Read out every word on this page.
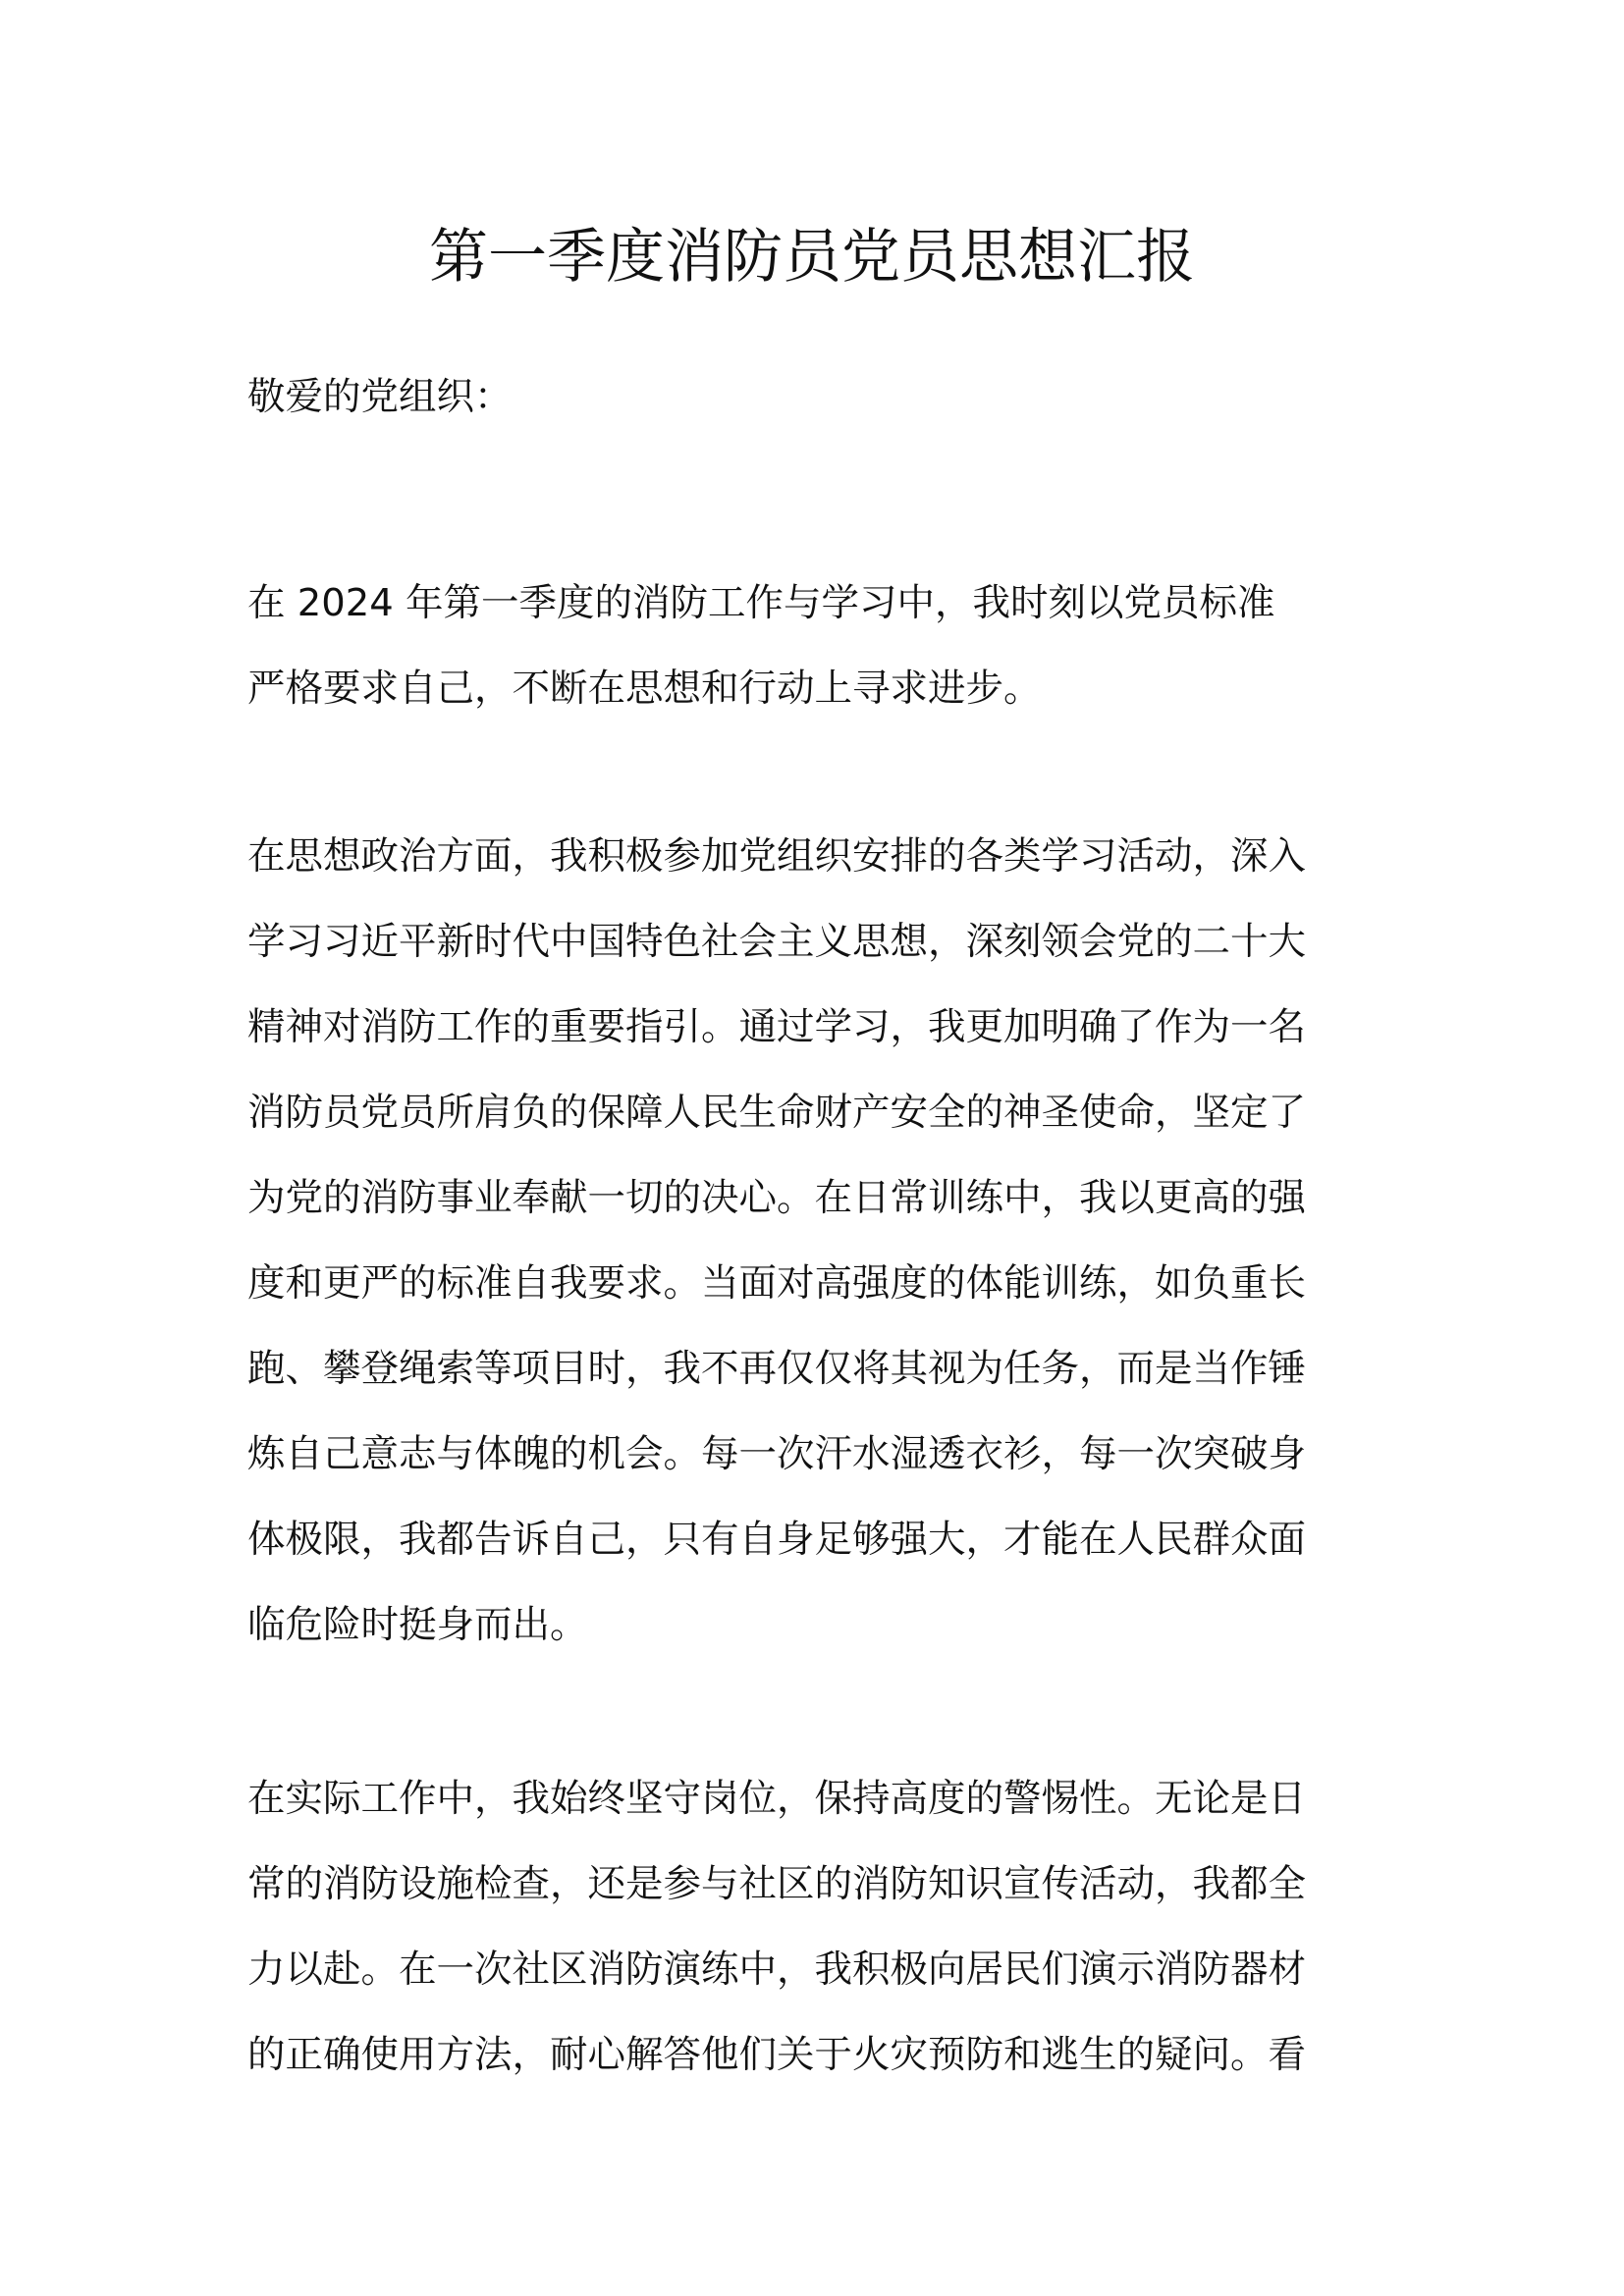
第一季度消防员党员思想汇报
敬爱的党组织：
在 2024 年第一季度的消防工作与学习中，我时刻以党员标准
严格要求自己，不断在思想和行动上寻求进步。
在思想政治方面，我积极参加党组织安排的各类学习活动，深入
学习习近平新时代中国特色社会主义思想，深刻领会党的二十大
精神对消防工作的重要指引。通过学习，我更加明确了作为一名
消防员党员所肩负的保障人民生命财产安全的神圣使命，坚定了
为党的消防事业奉献一切的决心。在日常训练中，我以更高的强
度和更严的标准自我要求。当面对高强度的体能训练，如负重长
跑、攀登绳索等项目时，我不再仅仅将其视为任务，而是当作锤
炼自己意志与体魄的机会。每一次汗水湿透衣衫，每一次突破身
体极限，我都告诉自己，只有自身足够强大，才能在人民群众面
临危险时挺身而出。
在实际工作中，我始终坚守岗位，保持高度的警惕性。无论是日
常的消防设施检查，还是参与社区的消防知识宣传活动，我都全
力以赴。在一次社区消防演练中，我积极向居民们演示消防器材
的正确使用方法，耐心解答他们关于火灾预防和逃生的疑问。看
